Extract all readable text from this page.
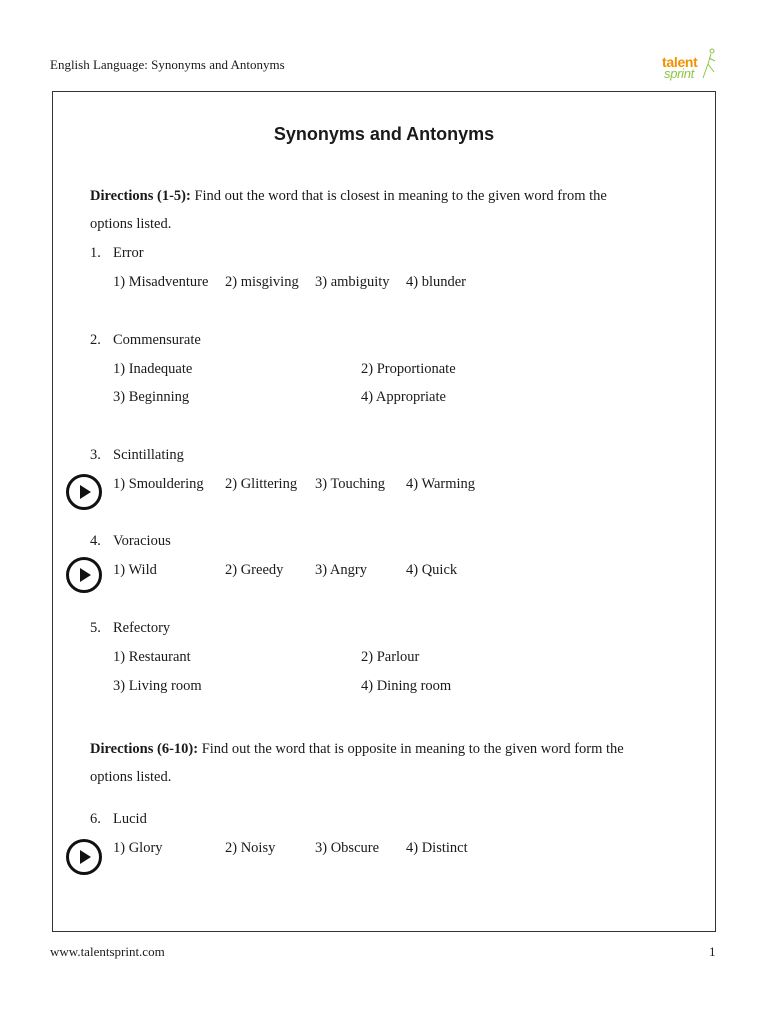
English Language: Synonyms and Antonyms	talent
sprint
Synonyms and Antonyms
Directions (1-5): Find out the word that is closest in meaning to the given word from the
options listed.
1. Error
1) Misadventure 2) misgiving 3) ambiguity 4) blunder
2. Commensurate
1) Inadequate	2) Proportionate
3) Beginning	4) Appropriate
3. Scintillating
1) Smouldering 2) Glittering 3) Touching 4) Warming
4. Voracious
1) Wild	2) Greedy 3) Angry	4) Quick
5. Refectory
1) Restaurant	2) Parlour
3) Living room	4) Dining room
Directions (6-10): Find out the word that is opposite in meaning to the given word form the
options listed.
6. Lucid
1) Glory	2) Noisy	3) Obscure 4) Distinct
www.talentsprint.com	1
